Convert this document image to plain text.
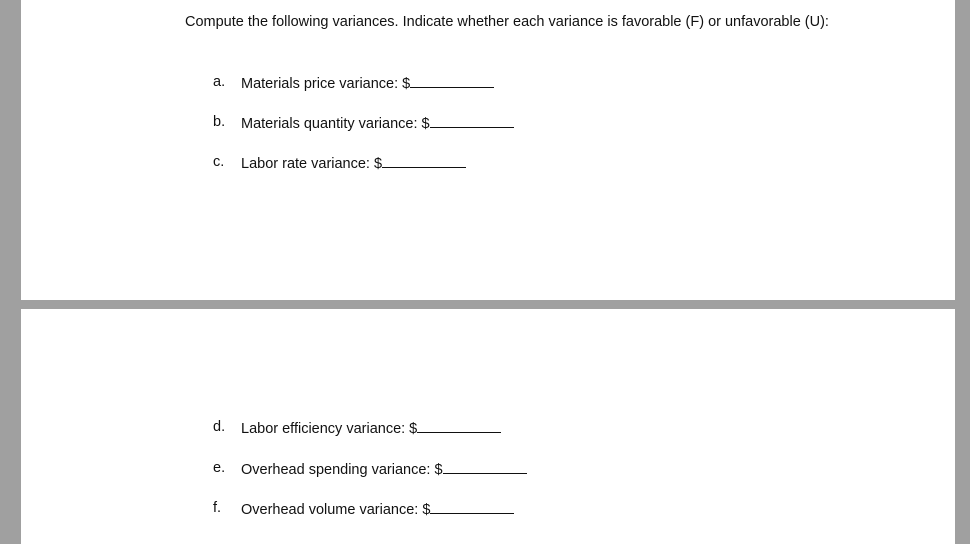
Compute the following variances. Indicate whether each variance is favorable (F) or unfavorable (U):
a.	Materials price variance: $
b.	Materials quantity variance: $
c.	Labor rate variance: $
d.	Labor efficiency variance: $
e.	Overhead spending variance: $
f.	Overhead volume variance: $
